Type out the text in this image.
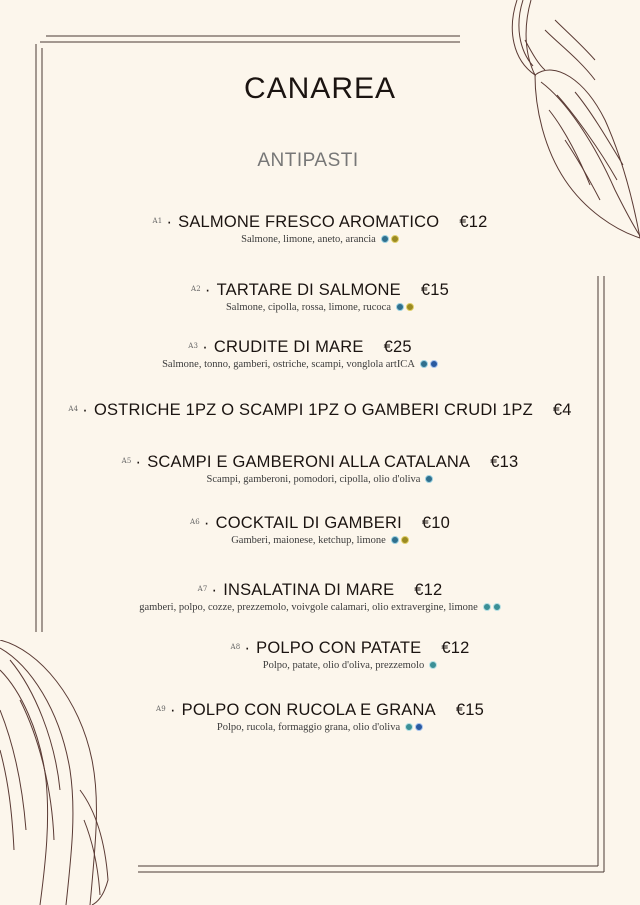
CANAREA
ANTIPASTI
$^{A1}$ · SALMONE FRESCO AROMATICO €12
Salmone, limone, aneto, arancia
$^{A2}$ · TARTARE DI SALMONE €15
Salmone, cipolla, rossa, limone, rucoca
$^{A3}$ · CRUDITE DI MARE €25
Salmone, tonno, gamberi, ostriche, scampi, vonglola artICA
$^{A4}$ · OSTRICHE 1PZ O SCAMPI 1PZ O GAMBERI CRUDI 1PZ €4
$^{A5}$ · SCAMPI E GAMBERONI ALLA CATALANA €13
Scampi, gamberoni, pomodori, cipolla, olio d'oliva
$^{A6}$ · COCKTAIL DI GAMBERI €10
Gamberi, maionese, ketchup, limone
$^{A7}$ · INSALATINA DI MARE €12
gamberi, polpo, cozze, prezzemolo, voivgole calamari, olio extravergine, limone
$^{A8}$ · POLPO CON PATATE €12
Polpo, patate, olio d'oliva, prezzemolo
$^{A9}$ · POLPO CON RUCOLA E GRANA €15
Polpo, rucola, formaggio grana, olio d'oliva
